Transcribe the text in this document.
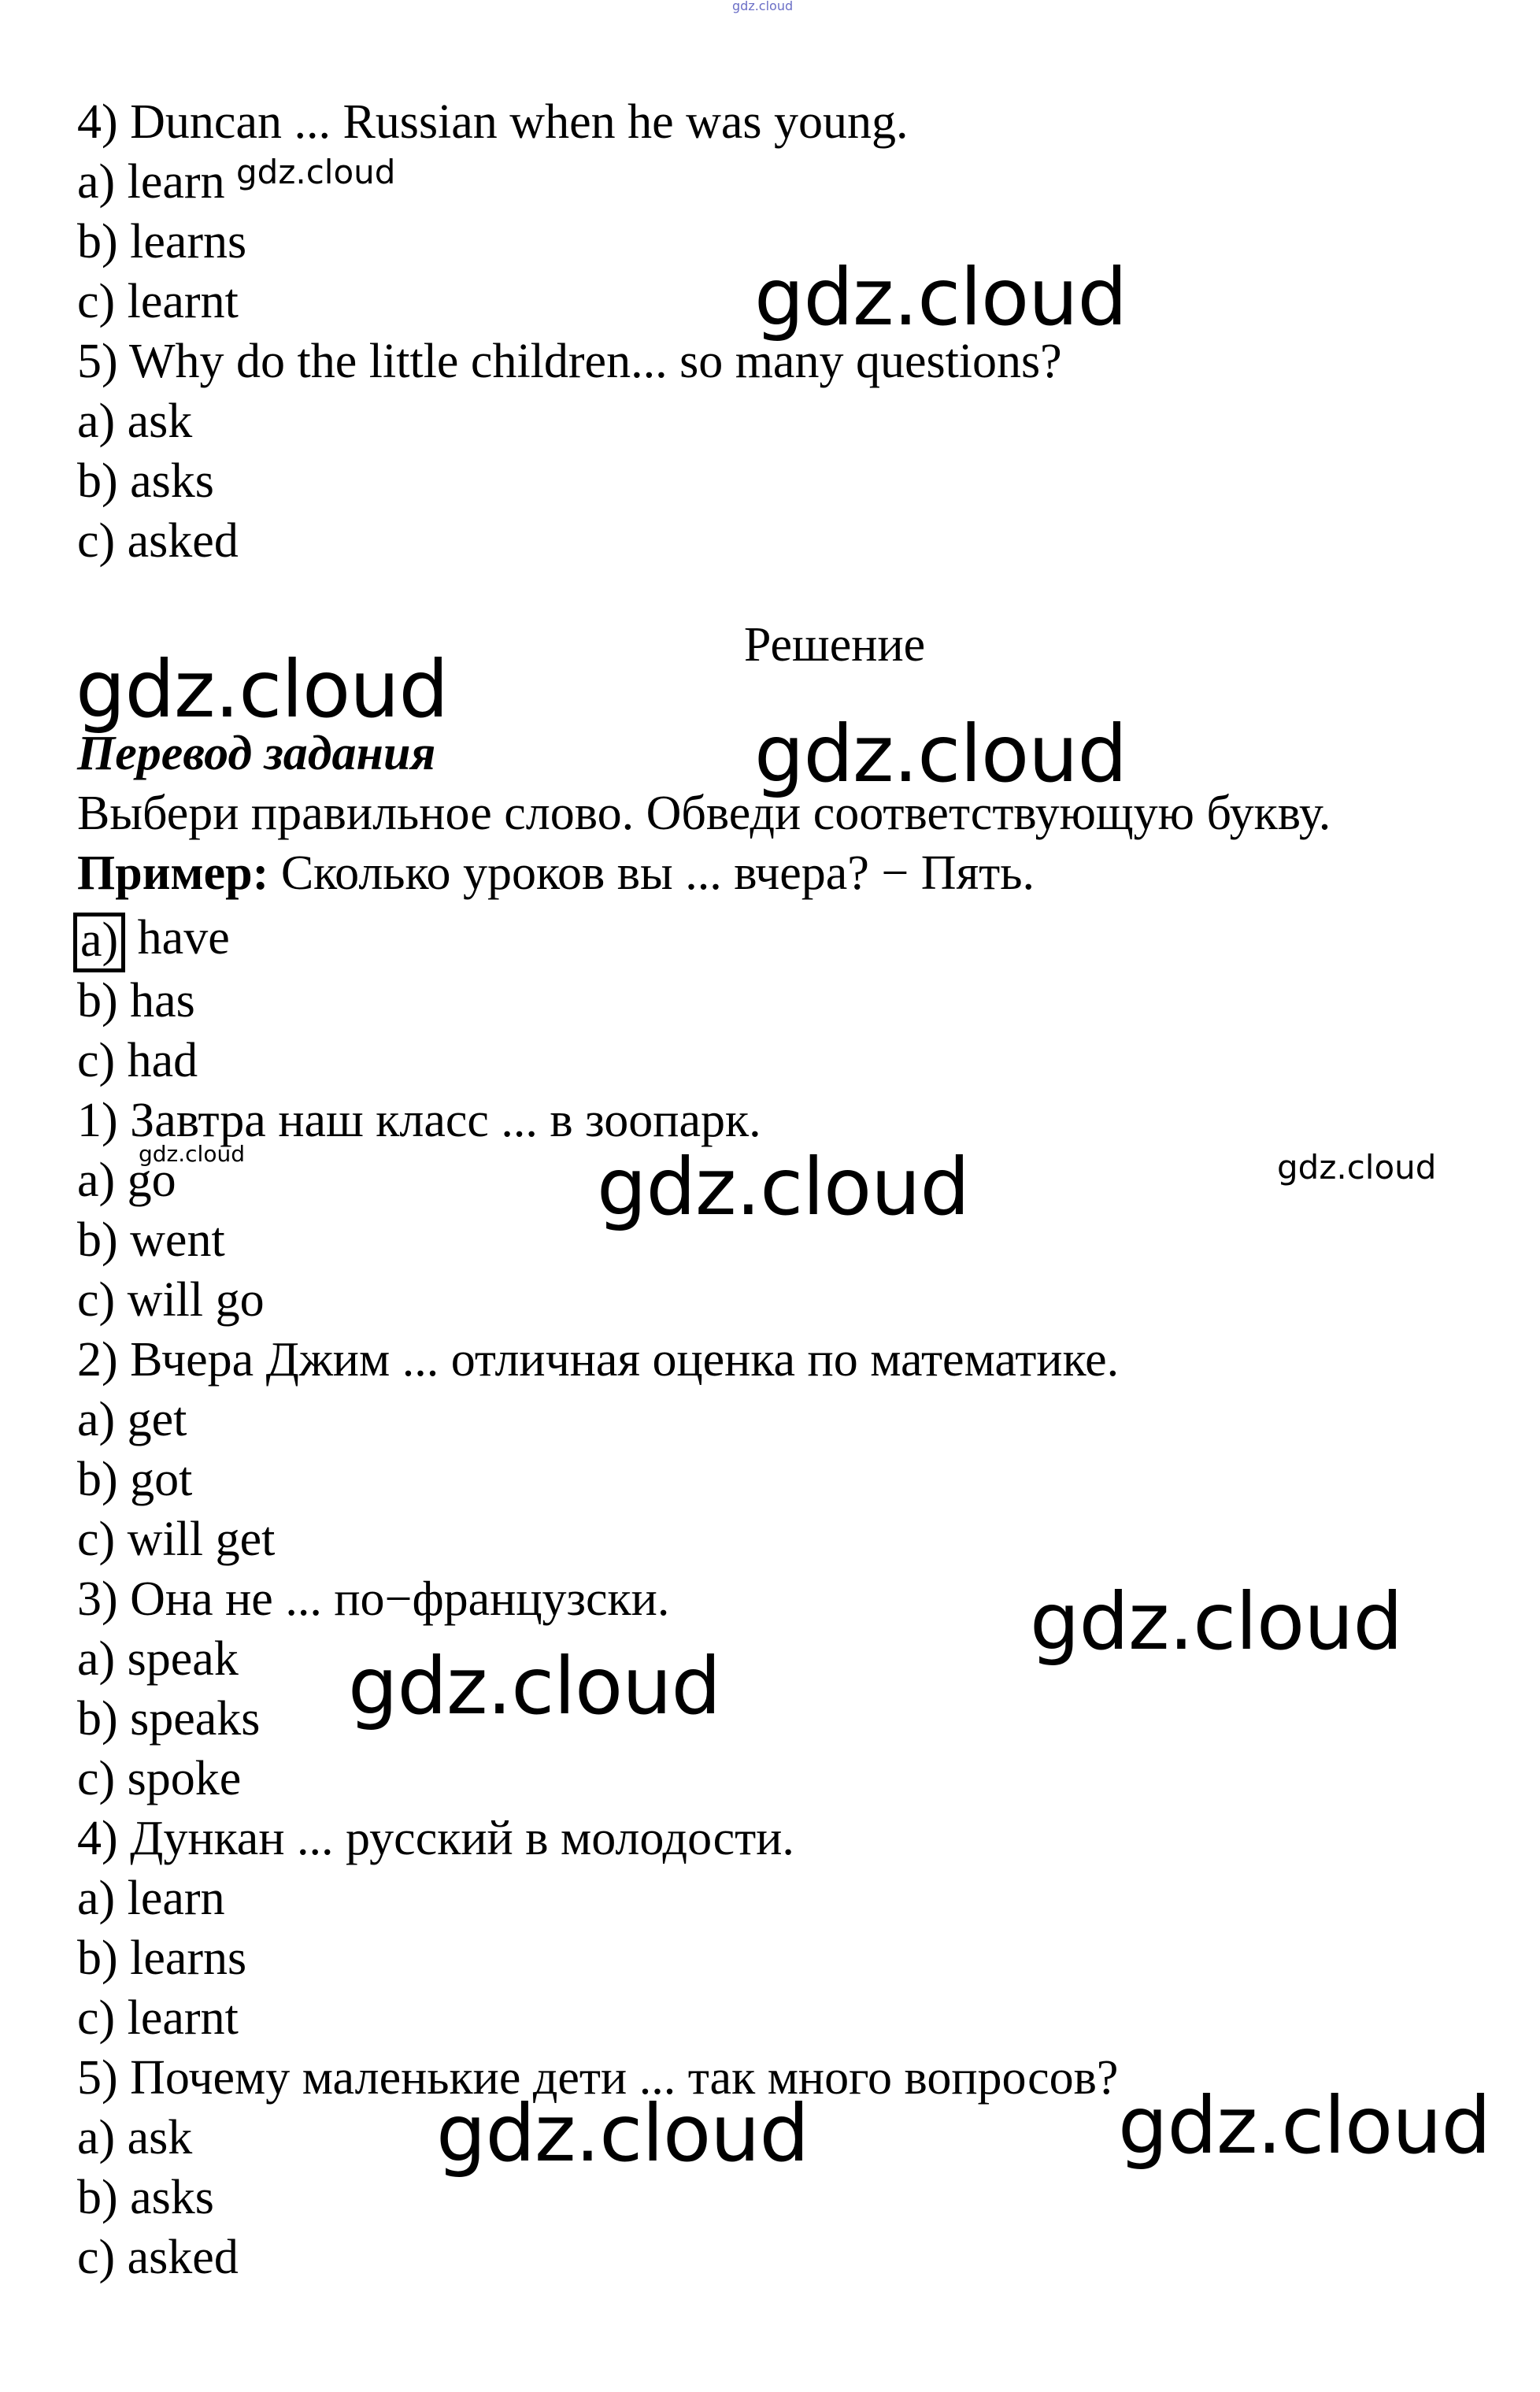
gdz.cloud

4) Duncan ... Russian when he was young.

a) learn

b) learns

c) learnt

5) Why do the little children... so many questions?

a) ask

b) asks

c) asked

Решение

Перевод задания

Выбери правильное слово. Обведи соответствующую букву.

Пример: Сколько уроков вы ... вчера? − Пять.

a) have

b) has

c) had

1) Завтра наш класс ... в зоопарк.

a) go

b) went

c) will go

2) Вчера Джим ... отличная оценка по математике.

a) get

b) got

c) will get

3) Она не ... по−французски.

a) speak

b) speaks

c) spoke

4) Дункан ... русский в молодости.

a) learn

b) learns

c) learnt

5) Почему маленькие дети ... так много вопросов?

a) ask

b) asks

c) asked

gdz.cloud
gdz.cloud
gdz.cloud
gdz.cloud
gdz.cloud	gdz.cloud	gdz.cloud
gdz.cloud
gdz.cloud
gdz.cloud	gdz.cloud
